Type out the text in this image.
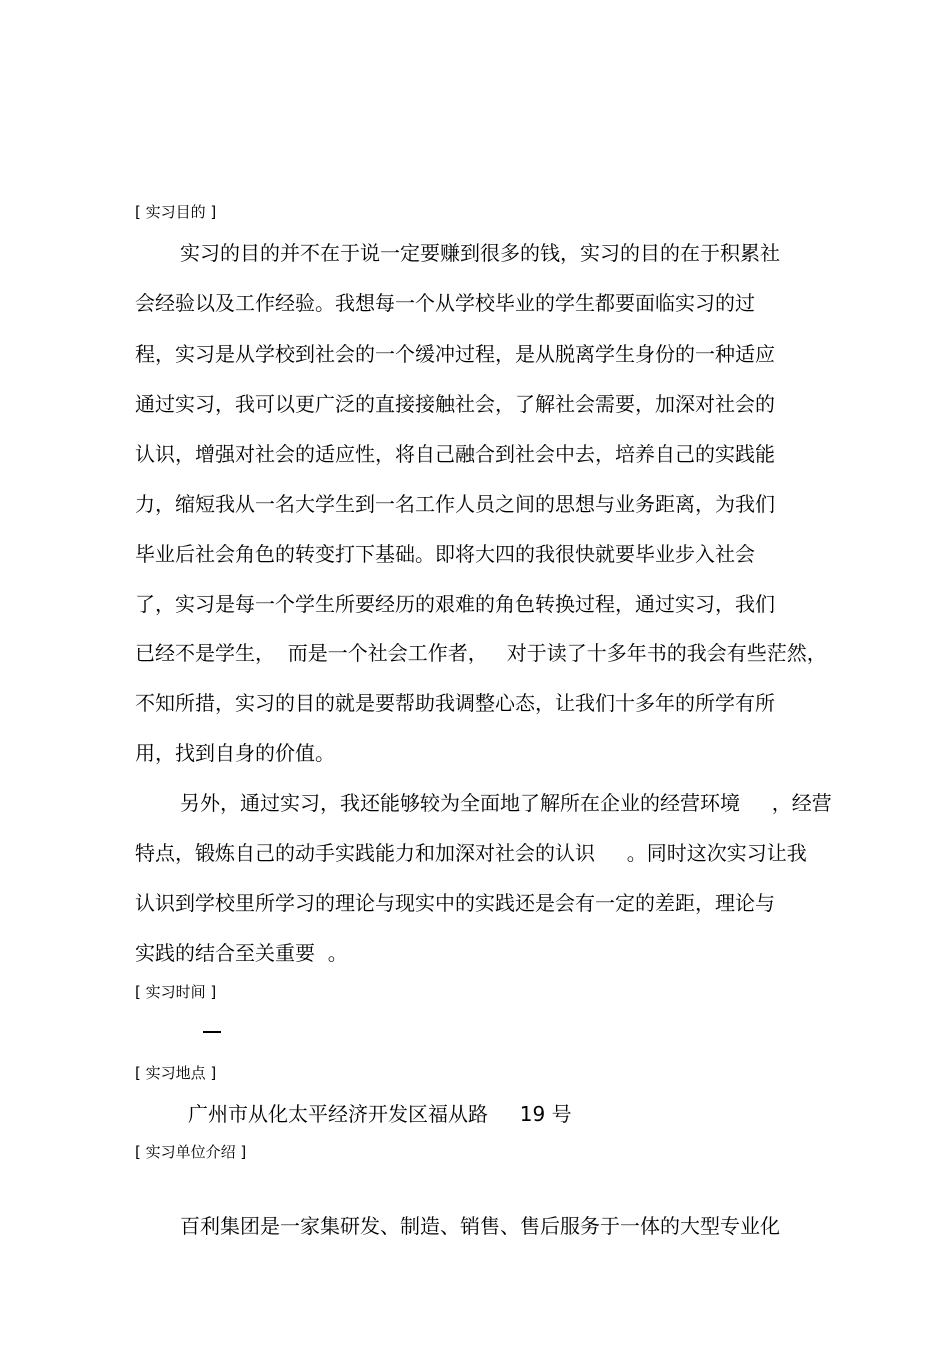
[ 实习目的 ]
实习的目的并不在于说一定要赚到很多的钱，实习的目的在于积累社
会经验以及工作经验。我想每一个从学校毕业的学生都要面临实习的过
程，实习是从学校到社会的一个缓冲过程，是从脱离学生身份的一种适应
通过实习，我可以更广泛的直接接触社会，了解社会需要，加深对社会的
认识，增强对社会的适应性，将自己融合到社会中去，培养自己的实践能
力，缩短我从一名大学生到一名工作人员之间的思想与业务距离，为我们
毕业后社会角色的转变打下基础。即将大四的我很快就要毕业步入社会
了，实习是每一个学生所要经历的艰难的角色转换过程，通过实习，我们
已经不是学生，  而是一个社会工作者，   对于读了十多年书的我会有些茫然，
不知所措，实习的目的就是要帮助我调整心态，让我们十多年的所学有所
用，找到自身的价值。
另外，通过实习，我还能够较为全面地了解所在企业的经营环境     ，经营
特点，锻炼自己的动手实践能力和加深对社会的认识     。同时这次实习让我
认识到学校里所学习的理论与现实中的实践还是会有一定的差距，理论与
实践的结合至关重要  。
[ 实习时间 ]
[ 实习地点 ]
广州市从化太平经济开发区福从路     19 号
[ 实习单位介绍 ]
百利集团是一家集研发、制造、销售、售后服务于一体的大型专业化
